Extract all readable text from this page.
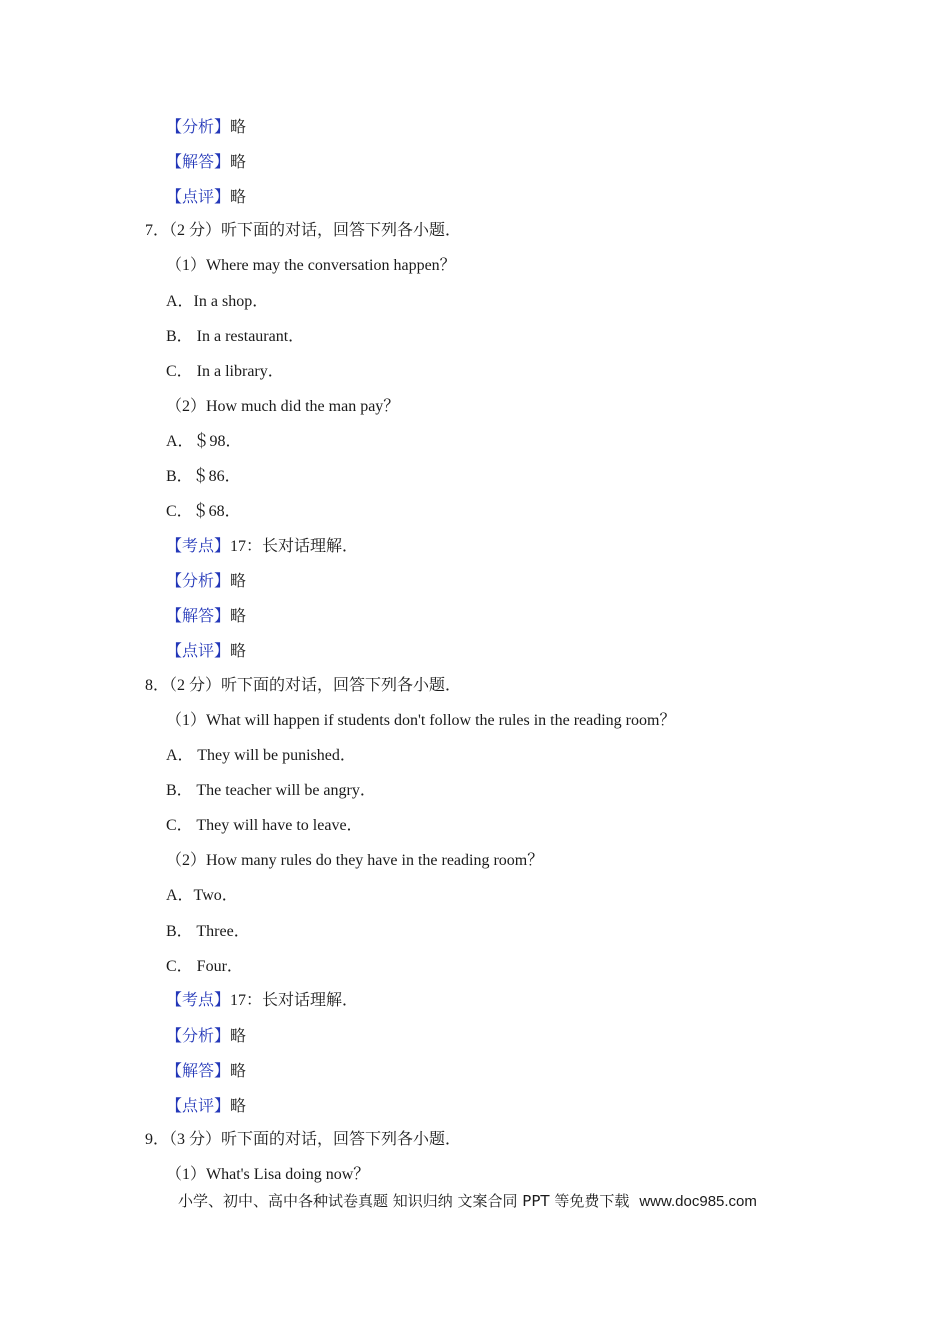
【分析】略
【解答】略
【点评】略
7．（2 分）听下面的对话，回答下列各小题．
（1）Where may the conversation happen？
A．In a shop．
B． In a restaurant．
C． In a library．
（2）How much did the man pay？
A．＄98．
B．＄86．
C．＄68．
【考点】17：长对话理解．
【分析】略
【解答】略
【点评】略
8．（2 分）听下面的对话，回答下列各小题．
（1）What will happen if students don't follow the rules in the reading room？
A． They will be punished．
B． The teacher will be angry．
C． They will have to leave．
（2）How many rules do they have in the reading room？
A．Two．
B． Three．
C． Four．
【考点】17：长对话理解．
【分析】略
【解答】略
【点评】略
9．（3 分）听下面的对话，回答下列各小题．
（1）What's Lisa doing now？
小学、初中、高中各种试卷真题 知识归纳 文案合同 PPT 等免费下载 www.doc985.com
